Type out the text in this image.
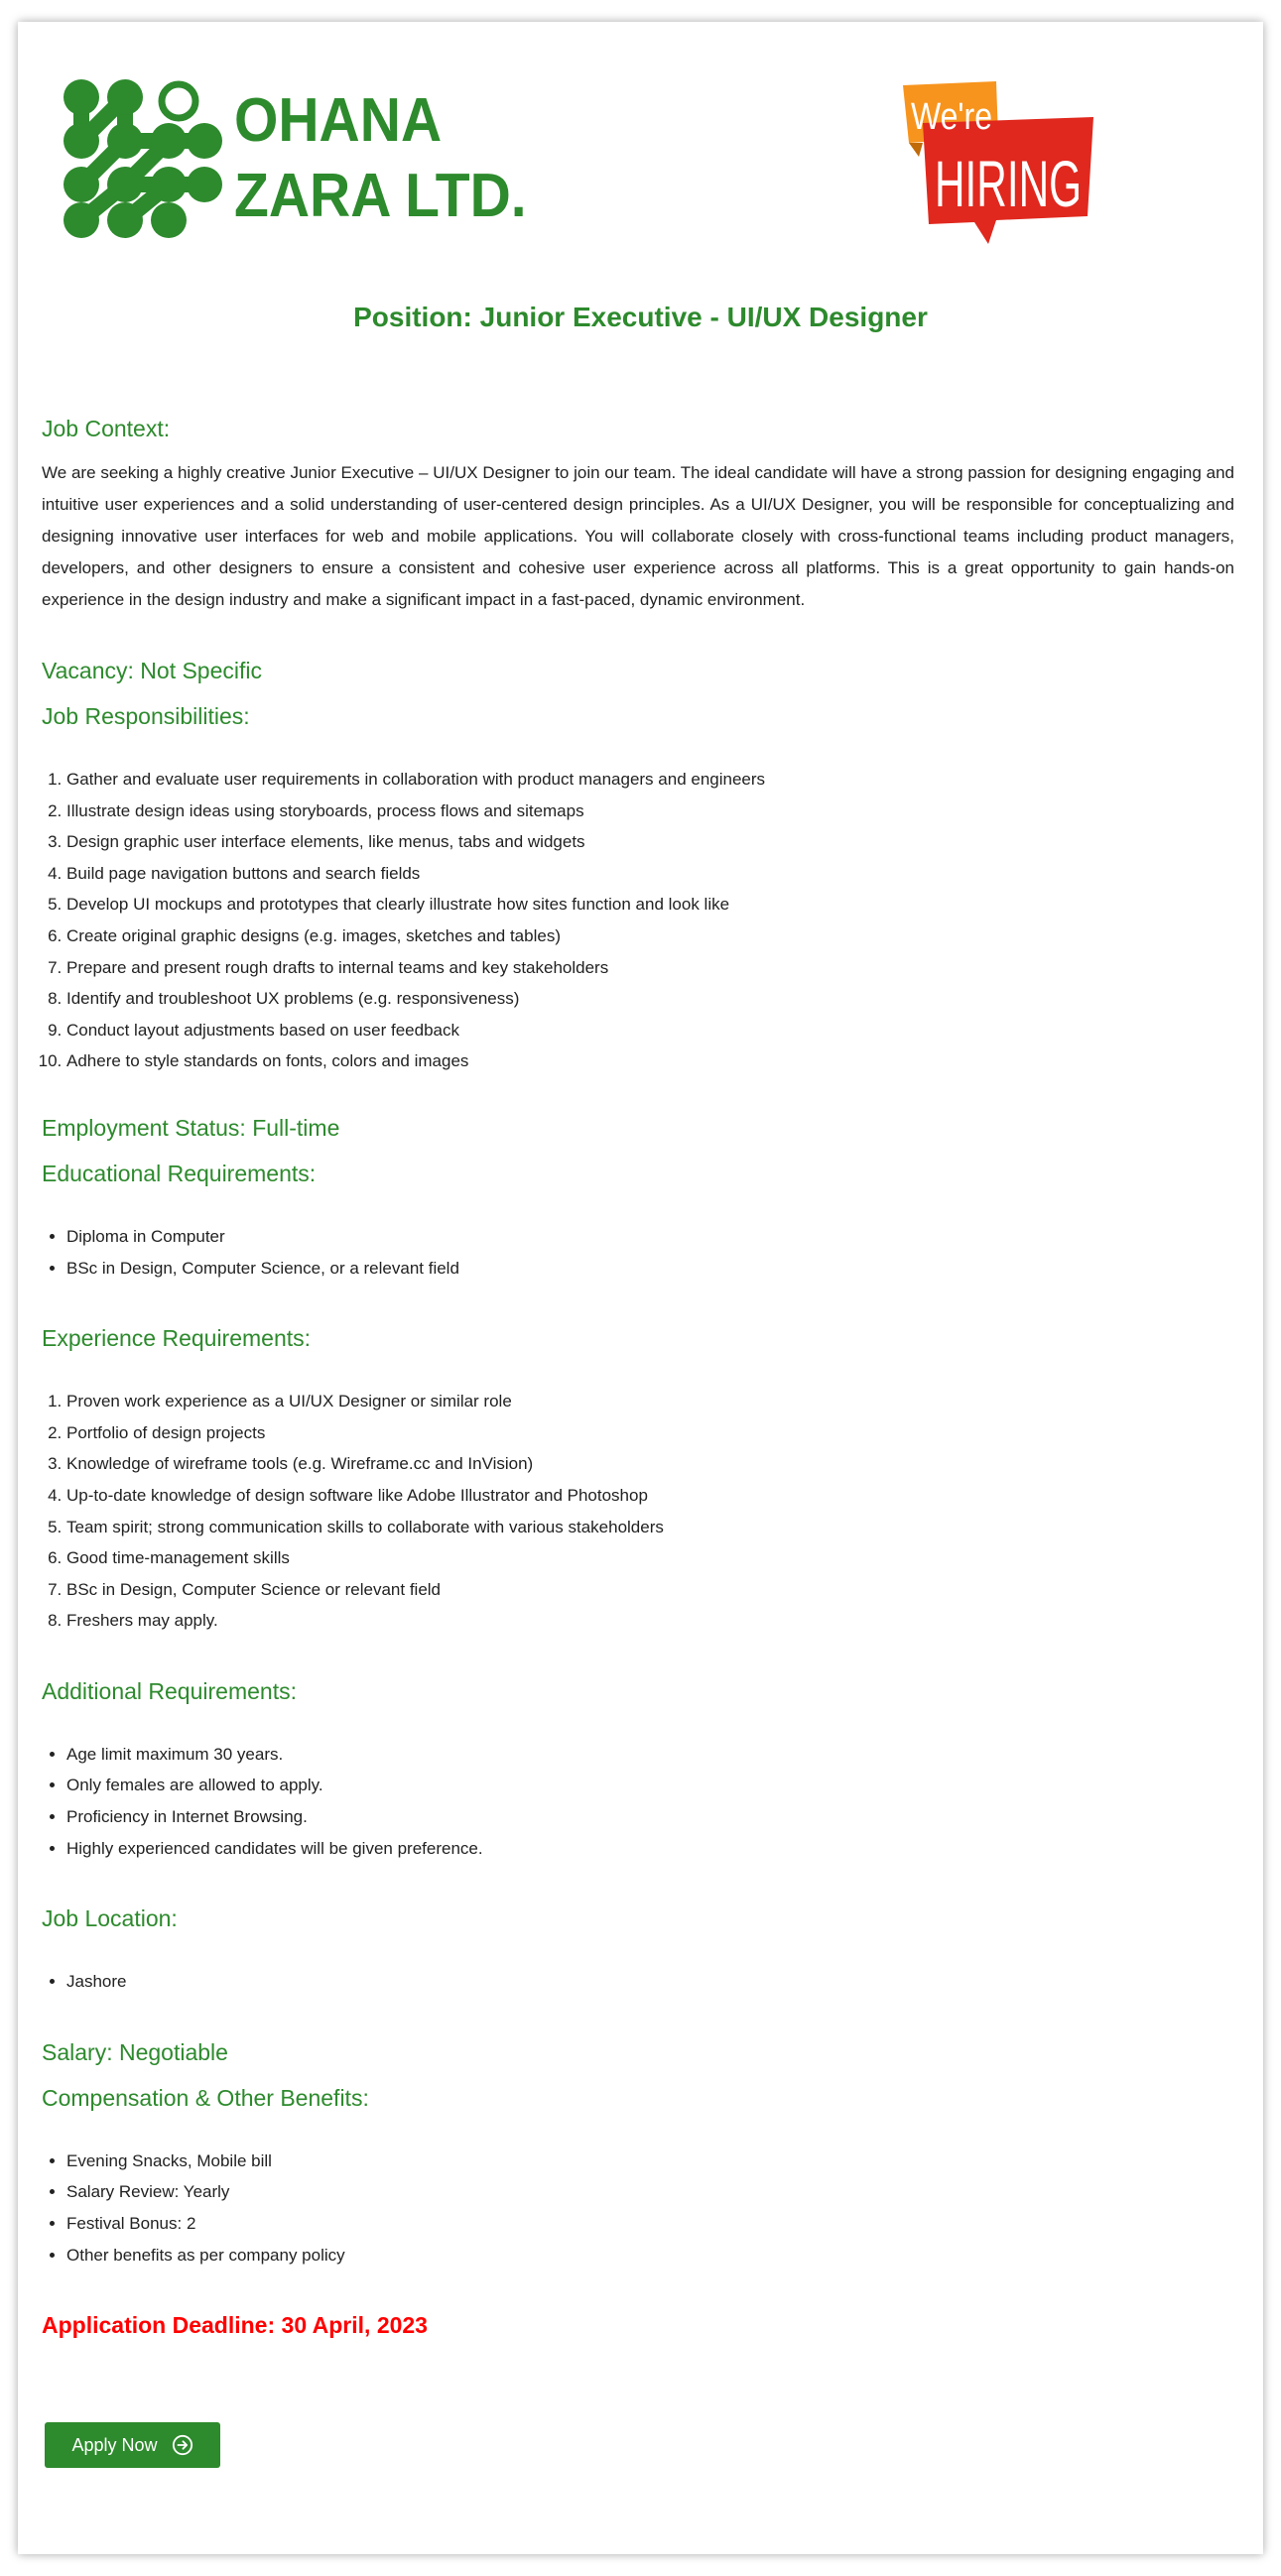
OHANA
ZARA LTD.
We're
HIRING
Position: Junior Executive - UI/UX Designer
Job Context:

We are seeking a highly creative Junior Executive – UI/UX Designer to join our team. The ideal candidate will have a strong passion for designing engaging and intuitive user experiences and a solid understanding of user-centered design principles. As a UI/UX Designer, you will be responsible for conceptualizing and designing innovative user interfaces for web and mobile applications. You will collaborate closely with cross-functional teams including product managers, developers, and other designers to ensure a consistent and cohesive user experience across all platforms. This is a great opportunity to gain hands-on experience in the design industry and make a significant impact in a fast-paced, dynamic environment.

Vacancy: Not Specific
Job Responsibilities:
1. Gather and evaluate user requirements in collaboration with product managers and engineers
2. Illustrate design ideas using storyboards, process flows and sitemaps
3. Design graphic user interface elements, like menus, tabs and widgets
4. Build page navigation buttons and search fields
5. Develop UI mockups and prototypes that clearly illustrate how sites function and look like
6. Create original graphic designs (e.g. images, sketches and tables)
7. Prepare and present rough drafts to internal teams and key stakeholders
8. Identify and troubleshoot UX problems (e.g. responsiveness)
9. Conduct layout adjustments based on user feedback
10. Adhere to style standards on fonts, colors and images
Employment Status: Full-time
Educational Requirements:
• Diploma in Computer
• BSc in Design, Computer Science, or a relevant field
Experience Requirements:
1. Proven work experience as a UI/UX Designer or similar role
2. Portfolio of design projects
3. Knowledge of wireframe tools (e.g. Wireframe.cc and InVision)
4. Up-to-date knowledge of design software like Adobe Illustrator and Photoshop
5. Team spirit; strong communication skills to collaborate with various stakeholders
6. Good time-management skills
7. BSc in Design, Computer Science or relevant field
8. Freshers may apply.
Additional Requirements:
• Age limit maximum 30 years.
• Only females are allowed to apply.
• Proficiency in Internet Browsing.
• Highly experienced candidates will be given preference.
Job Location:
• Jashore
Salary: Negotiable
Compensation & Other Benefits:
• Evening Snacks, Mobile bill
• Salary Review: Yearly
• Festival Bonus: 2
• Other benefits as per company policy
Application Deadline: 30 April, 2023
Apply Now
